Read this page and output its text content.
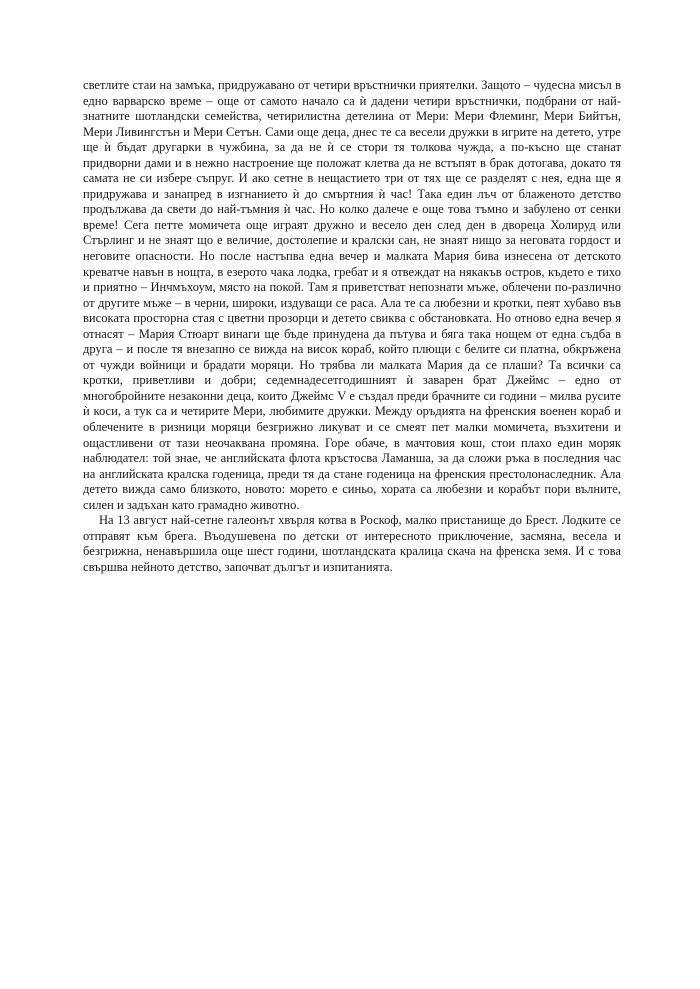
светлите стаи на замъка, придружавано от четири връстнички приятелки. Защото – чудесна мисъл в едно варварско време – още от самото начало са ѝ дадени четири връстнички, подбрани от най-знатните шотландски семейства, четирилистна детелина от Мери: Мери Флеминг, Мери Бийтън, Мери Ливингстън и Мери Сетън. Сами още деца, днес те са весели дружки в игрите на детето, утре ще ѝ бъдат другарки в чужбина, за да не ѝ се стори тя толкова чужда, а по-късно ще станат придворни дами и в нежно настроение ще положат клетва да не встъпят в брак дотогава, докато тя самата не си избере съпруг. И ако сетне в нещастието три от тях ще се разделят с нея, една ще я придружава и занапред в изгнанието ѝ до смъртния ѝ час! Така един лъч от блаженото детство продължава да свети до най-тъмния ѝ час. Но колко далече е още това тъмно и забулено от сенки време! Сега петте момичета още играят дружно и весело ден след ден в двореца Холируд или Стърлинг и не знаят що е величие, достолепие и кралски сан, не знаят нищо за неговата гордост и неговите опасности. Но после настъпва една вечер и малката Мария бива изнесена от детското креватче навън в нощта, в езерото чака лодка, гребат и я отвеждат на някакъв остров, където е тихо и приятно – Инчмъхоум, място на покой. Там я приветстват непознати мъже, облечени по-различно от другите мъже – в черни, широки, издуващи се раса. Ала те са любезни и кротки, пеят хубаво във високата просторна стая с цветни прозорци и детето свиква с обстановката. Но отново една вечер я отнасят – Мария Стюарт винаги ще бъде принудена да пътува и бяга така нощем от една съдба в друга – и после тя внезапно се вижда на висок кораб, който плющи с белите си платна, обкръжена от чужди войници и брадати моряци. Но трябва ли малката Мария да се плаши? Та всички са кротки, приветливи и добри; седемнадесетгодишният ѝ заварен брат Джеймс – едно от многобройните незаконни деца, които Джеймс V е създал преди брачните си години – милва русите ѝ коси, а тук са и четирите Мери, любимите дружки. Между оръдията на френския военен кораб и облечените в ризници моряци безгрижно ликуват и се смеят пет малки момичета, възхитени и ощастливени от тази неочаквана промяна. Горе обаче, в мачтовия кош, стои плахо един моряк наблюдател: той знае, че английската флота кръстосва Ламанша, за да сложи ръка в последния час на английската кралска годеница, преди тя да стане годеница на френския престолонаследник. Ала детето вижда само близкото, новото: морето е синьо, хората са любезни и корабът пори вълните, силен и задъхан като грамадно животно.

На 13 август най-сетне галеонът хвърля котва в Роскоф, малко пристанище до Брест. Лодките се отправят към брега. Въодушевена по детски от интересното приключение, засмяна, весела и безгрижна, ненавършила още шест години, шотландската кралица скача на френска земя. И с това свършва нейното детство, започват дългът и изпитанията.
